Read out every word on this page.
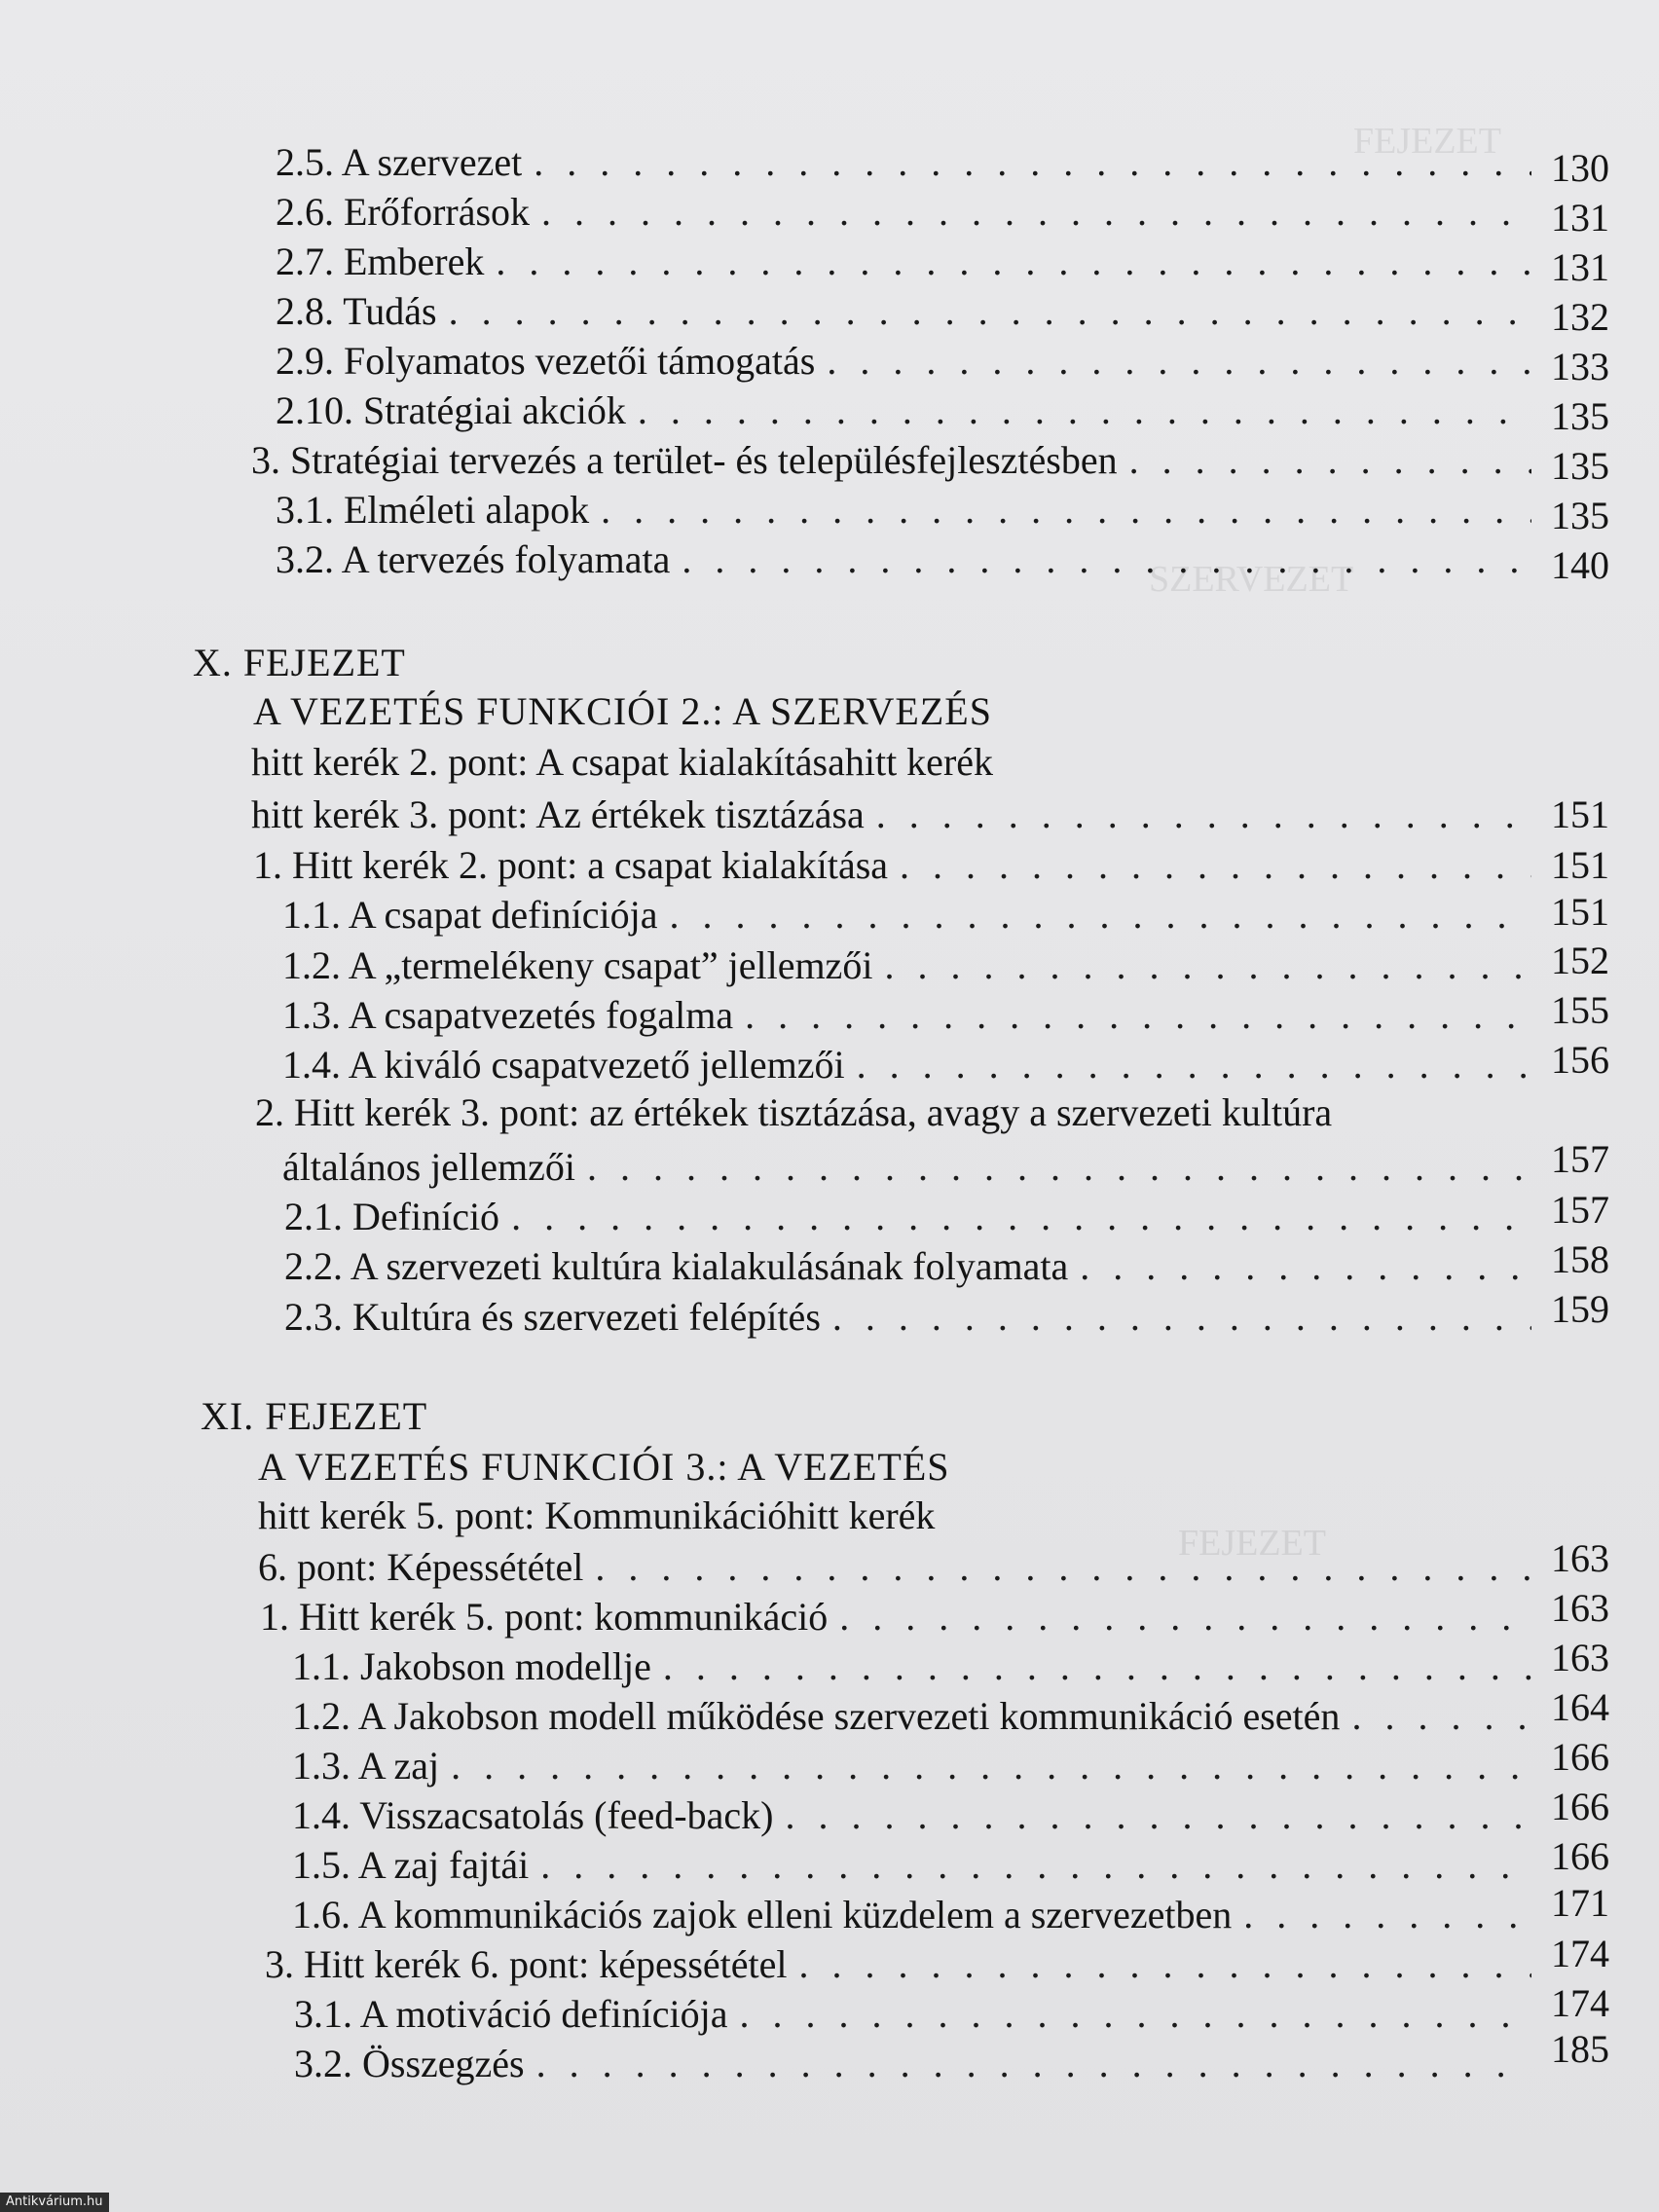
FEJEZET
SZERVEZET
FEJEZET
2.5. A szervezet . . .	130
2.6. Erőforrások . . .	131
2.7. Emberek . . .	131
2.8. Tudás . . .	132
2.9. Folyamatos vezetői támogatás . . .	133
2.10. Stratégiai akciók . . .	135
3. Stratégiai tervezés a terület- és településfejlesztésben . . .	135
3.1. Elméleti alapok . . .	135
3.2. A tervezés folyamata . . .	140
X. FEJEZET
A VEZETÉS FUNKCIÓI 2.: A SZERVEZÉS
hitt kerék 2. pont: A csapat kialakításahitt kerék
hitt kerék 3. pont: Az értékek tisztázása . . .	151
1. Hitt kerék 2. pont: a csapat kialakítása . . .	151
1.1. A csapat definíciója . . .	151
1.2. A „termelékeny csapat” jellemzői . . .	152
1.3. A csapatvezetés fogalma . . .	155
1.4. A kiváló csapatvezető jellemzői . . .	156
2. Hitt kerék 3. pont: az értékek tisztázása, avagy a szervezeti kultúra
általános jellemzői . . .	157
2.1. Definíció . . .	157
2.2. A szervezeti kultúra kialakulásának folyamata . . .	158
2.3. Kultúra és szervezeti felépítés . . .	159
XI. FEJEZET
A VEZETÉS FUNKCIÓI 3.: A VEZETÉS
hitt kerék 5. pont: Kommunikációhitt kerék
6. pont: Képessététel . . .	163
1. Hitt kerék 5. pont: kommunikáció . . .	163
1.1. Jakobson modellje . . .	163
1.2. A Jakobson modell működése szervezeti kommunikáció esetén . . .	164
1.3. A zaj . . .	166
1.4. Visszacsatolás (feed-back) . . .	166
1.5. A zaj fajtái . . .	166
1.6. A kommunikációs zajok elleni küzdelem a szervezetben . . .	171
3. Hitt kerék 6. pont: képessététel . . .	174
3.1. A motiváció definíciója . . .	174
3.2. Összegzés . . .	185
Antikvárium.hu
